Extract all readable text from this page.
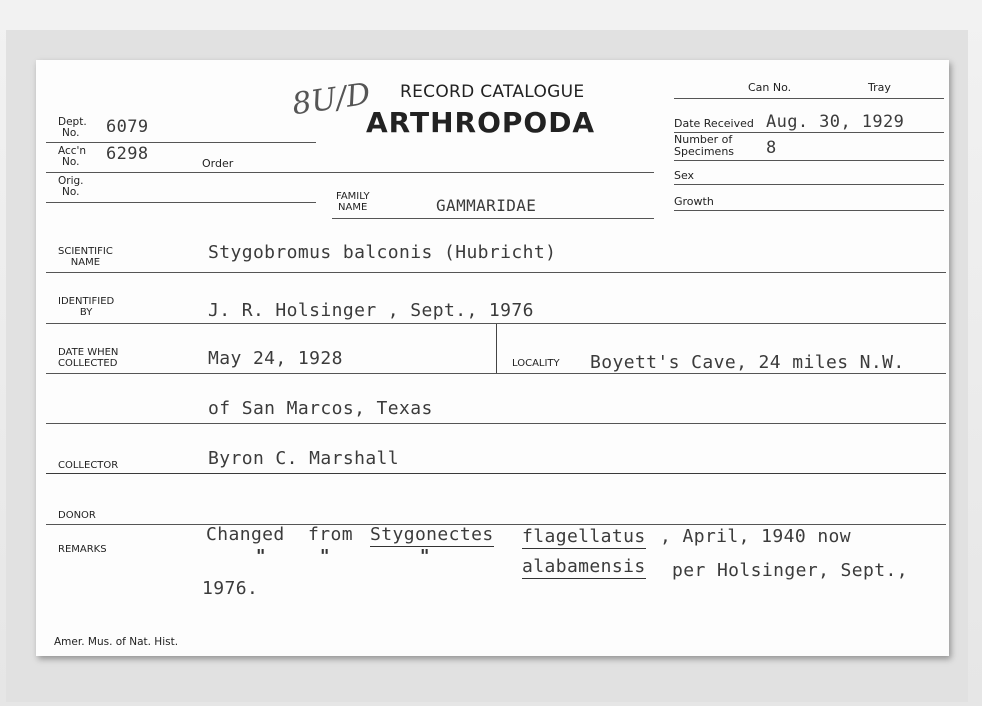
8U/D RECORD CATALOGUE
ARTHROPODA
Dept.
No.	6079
Acc'n
No.	6298	Order
Orig.
No.	FAMILY
NAME	GAMMARIDAE
Can No.	Tray
Date Received Aug. 30, 1929
Number of
Specimens 8
Sex
Growth
SCIENTIFIC
NAME	Stygobromus balconis (Hubricht)
IDENTIFIED
BY	J. R. Holsinger , Sept., 1976
DATE WHEN
COLLECTED	May 24, 1928	LOCALITY Boyett's Cave, 24 miles N.W.
of San Marcos, Texas
COLLECTOR	Byron C. Marshall
DONOR
REMARKS
Changed from Stygonectes flagellatus , April, 1940 now
"	"	"	alabamensis per Holsinger, Sept.,
1976.
Amer. Mus. of Nat. Hist.
